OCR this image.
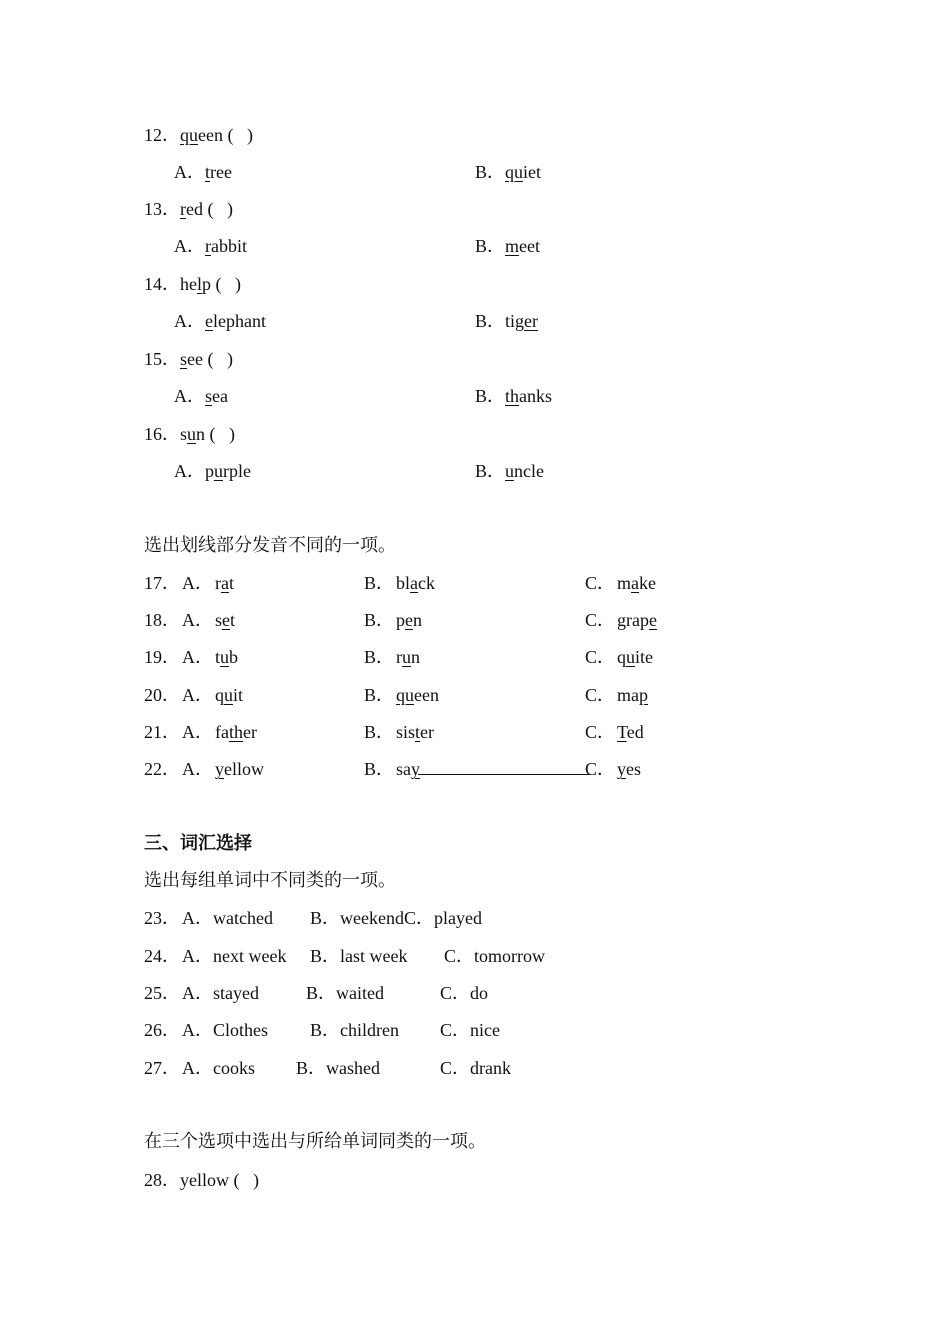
12．queen (   )
A．tree	B．quiet
13．red (   )
A．rabbit	B．meet
14．help (   )
A．elephant	B．tiger
15．see (   )
A．sea	B．thanks
16．sun (   )
A．purple	B．uncle
选出划线部分发音不同的一项。
17． A． rat	B． black	C． make
18． A． set	B． pen	C． grape
19． A． tub	B． run	C． quite
20． A． quit	B． queen	C． map
21． A． father	B． sister	C． Ted
22． A． yellow	B． say	C． yes
三、词汇选择
选出每组单词中不同类的一项。
23． A．watched B．weekendC．played
24． A．next week B．last week C．tomorrow
25． A．stayed	B．waited	C．do
26． A．Clothes B．children C．nice
27． A．cooks B．washed	C．drank
在三个选项中选出与所给单词同类的一项。
28．yellow (   )
